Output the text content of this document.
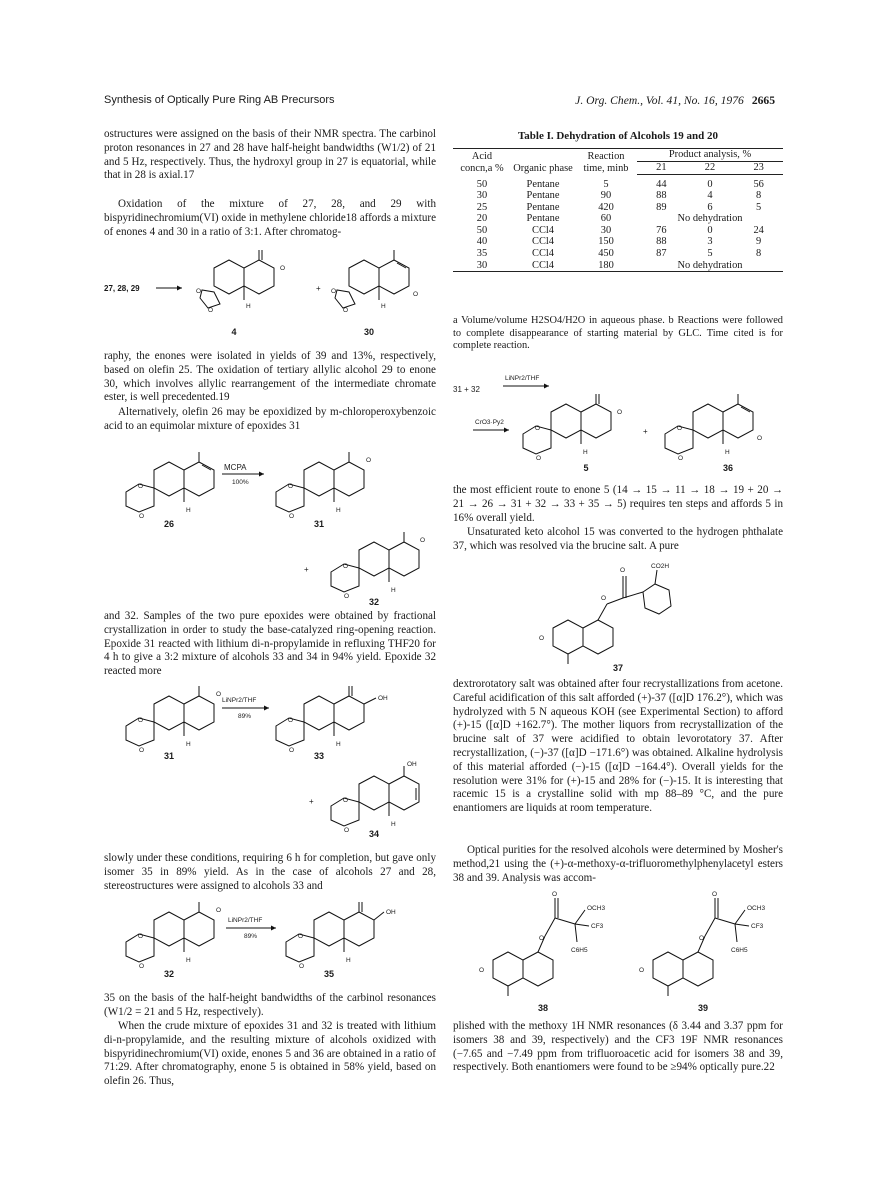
Synthesis of Optically Pure Ring AB Precursors	J. Org. Chem., Vol. 41, No. 16, 1976 2665
ostructures were assigned on the basis of their NMR spectra. The carbinol proton resonances in 27 and 28 have half-height bandwidths (W1/2) of 21 and 5 Hz, respectively. Thus, the hydroxyl group in 27 is equatorial, while that in 28 is axial.17
Oxidation of the mixture of 27, 28, and 29 with bispyridinechromium(VI) oxide in methylene chloride18 affords a mixture of enones 4 and 30 in a ratio of 3:1. After chromatog-
27, 28, 29
O
O
O
H
+
O
O
O
H
4	30
raphy, the enones were isolated in yields of 39 and 13%, respectively, based on olefin 25. The oxidation of tertiary allylic alcohol 29 to enone 30, which involves allylic rearrangement of the intermediate chromate ester, is well precedented.19
Alternatively, olefin 26 may be epoxidized by m-chloroperoxybenzoic acid to an equimolar mixture of epoxides 31
O
O
H
MCPA
100%
O
O
O
H
+
O
O
O
H
26	31
32
and 32. Samples of the two pure epoxides were obtained by fractional crystallization in order to study the base-catalyzed ring-opening reaction. Epoxide 31 reacted with lithium di-n-propylamide in refluxing THF20 for 4 h to give a 3:2 mixture of alcohols 33 and 34 in 94% yield. Epoxide 32 reacted more
O
O
O
H
LiNPr2/THF
89%
OH
O
O
H
+
OH
O
O
H
31	33
34
slowly under these conditions, requiring 6 h for completion, but gave only isomer 35 in 89% yield. As in the case of alcohols 27 and 28, stereostructures were assigned to alcohols 33 and
O
O
O
H
LiNPr2/THF
89%
OH
O
O
H
32	35
35 on the basis of the half-height bandwidths of the carbinol resonances (W1/2 = 21 and 5 Hz, respectively).
When the crude mixture of epoxides 31 and 32 is treated with lithium di-n-propylamide, and the resulting mixture of alcohols oxidized with bispyridinechromium(VI) oxide, enones 5 and 36 are obtained in a ratio of 71:29. After chromatography, enone 5 is obtained in 58% yield, based on olefin 26. Thus,
Table I. Dehydration of Alcohols 19 and 20
Acid concn,a %	Organic phase	Reaction time, minb	Product analysis, %		
			21	22	23

50	Pentane	5	44	0	56
30	Pentane	90	88	4	8
25	Pentane	420	89	6	5
20	Pentane	60	No dehydration		
50	CCl4	30	76	0	24
40	CCl4	150	88	3	9
35	CCl4	450	87	5	8
30	CCl4	180	No dehydration		
a Volume/volume H2SO4/H2O in aqueous phase. b Reactions were followed to complete disappearance of starting material by GLC. Time cited is for complete reaction.
31 + 32
LiNPr2/THF
CrO3·Py2
O
O
O
H
+
O
O
O
H
5	36
the most efficient route to enone 5 (14 → 15 → 11 → 18 → 19 + 20 → 21 → 26 → 31 + 32 → 33 + 35 → 5) requires ten steps and affords 5 in 16% overall yield.
Unsaturated keto alcohol 15 was converted to the hydrogen phthalate 37, which was resolved via the brucine salt. A pure
O
O
O
CO2H
37
dextrorotatory salt was obtained after four recrystallizations from acetone. Careful acidification of this salt afforded (+)-37 ([α]D 176.2°), which was hydrolyzed with 5 N aqueous KOH (see Experimental Section) to afford (+)-15 ([α]D +162.7°). The mother liquors from recrystallization of the brucine salt of 37 were acidified to obtain levorotatory 37. After recrystallization, (−)-37 ([α]D −171.6°) was obtained. Alkaline hydrolysis of this material afforded (−)-15 ([α]D −164.4°). Overall yields for the resolution were 31% for (+)-15 and 28% for (−)-15. It is interesting that racemic 15 is a crystalline solid with mp 88–89 °C, and the pure enantiomers are liquids at room temperature.
Optical purities for the resolved alcohols were determined by Mosher's method,21 using the (+)-α-methoxy-α-trifluoromethylphenylacetyl esters 38 and 39. Analysis was accom-
O
O
O
OCH3
CF3
C6H5
O
O
O
OCH3
CF3
C6H5
38	39
plished with the methoxy 1H NMR resonances (δ 3.44 and 3.37 ppm for isomers 38 and 39, respectively) and the CF3 19F NMR resonances (−7.65 and −7.49 ppm from trifluoroacetic acid for isomers 38 and 39, respectively. Both enantiomers were found to be ≥94% optically pure.22
